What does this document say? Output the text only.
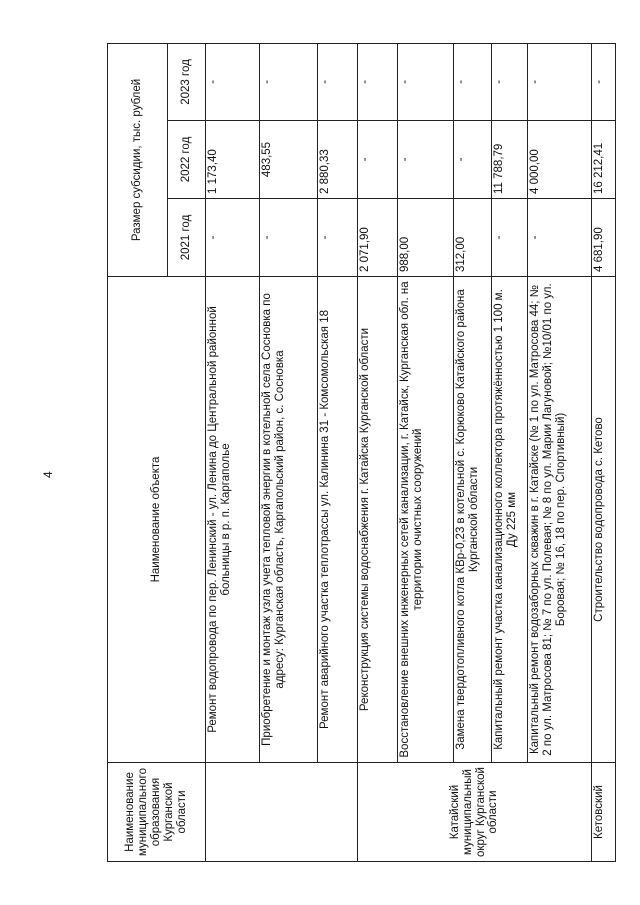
4
Наименование муниципального образования Курганской области	Наименование объекта	Размер субсидии, тыс. рублей		
		2021 год	2022 год	2023 год
	Ремонт водопровода по пер. Ленинский - ул. Ленина до Центральной районной больницы в р. п. Каргаполье	-	1 173,40	-
	Приобретение и монтаж узла учета тепловой энергии в котельной села Сосновка по адресу: Курганская область, Каргапольский район, с. Сосновка	-	483,55	-
	Ремонт аварийного участка теплотрассы ул. Калинина 31 - Комсомольская 18	-	2 880,33	-
Катайский муниципальный округ Курганской области	Реконструкция системы водоснабжения г. Катайска Курганской области	2 071,90	-	-
	Восстановление внешних инженерных сетей канализации, г. Катайск, Курганская обл. на территории очистных сооружений	988,00	-	-
	Замена твердотопливного котла КВр-0,23 в котельной с. Корюково Катайского района Курганской области	312,00	-	-
	Капитальный ремонт участка канализационного коллектора протяжённостью 1 100 м. Ду 225 мм	-	11 788,79	-
	Капитальный ремонт водозаборных скважин в г. Катайске (№ 1 по ул. Матросова 44; № 2 по ул. Матросова 81; № 7 по ул. Полевая; № 8 по ул. Марии Лагуновой; №10/01 по ул. Боровая; № 16, 18 по пер. Спортивный)	-	4 000,00	-
Кетовский	Строительство водопровода с. Кетово	4 681,90	16 212,41	-
